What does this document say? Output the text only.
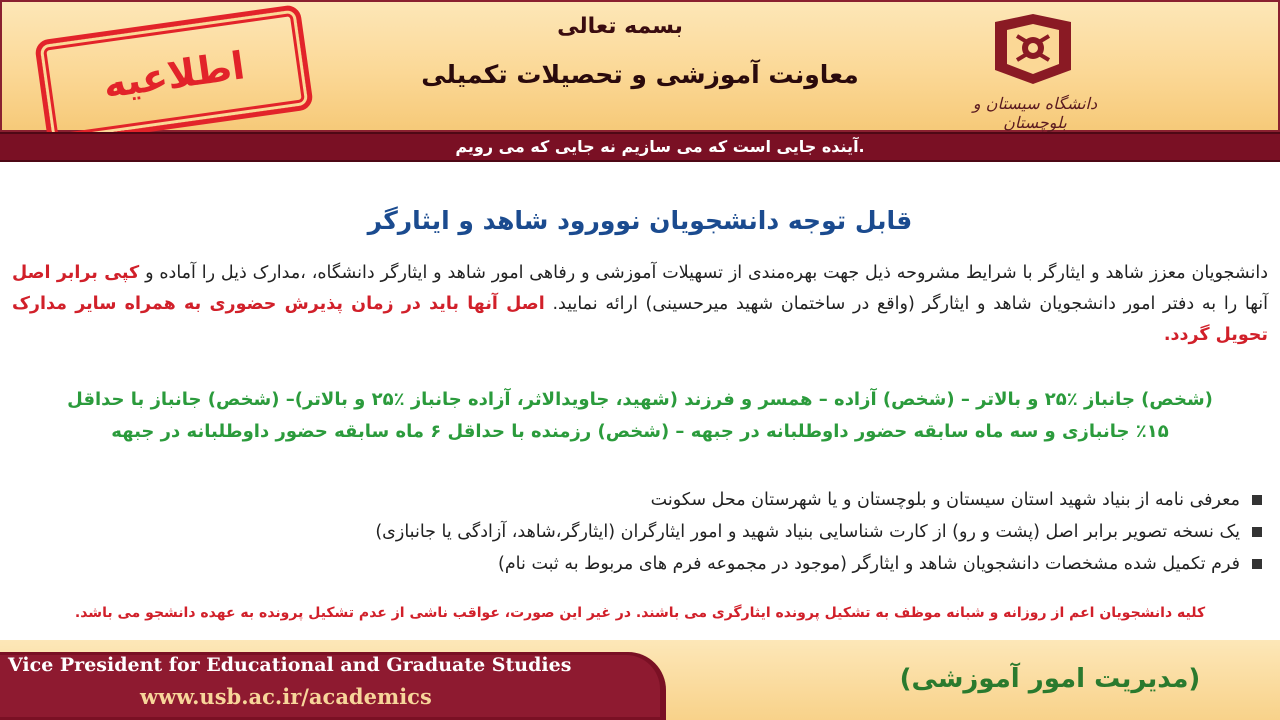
اطلاعیه
بسمه تعالی
معاونت آموزشی و تحصیلات تکمیلی
دانشگاه سیستان و بلوچستان
آینده جایی است که می سازیم نه جایی که می رویم.
قابل توجه دانشجویان نوورود شاهد و ایثارگر
دانشجویان معزز شاهد و ایثارگر با شرایط مشروحه ذیل جهت بهره‌مندی از تسهیلات آموزشی و رفاهی امور شاهد و ایثارگر دانشگاه، ،مدارک ذیل را آماده و کپی برابر اصل آنها را به دفتر امور دانشجویان شاهد و ایثارگر (واقع در ساختمان شهید میرحسینی) ارائه نمایید. اصل آنها باید در زمان پذیرش حضوری به همراه سایر مدارک تحویل گردد.
(شخص) جانباز ٪۲۵ و بالاتر – (شخص) آزاده – همسر و فرزند (شهید، جاویدالاثر، آزاده جانباز ٪۲۵ و بالاتر)– (شخص) جانباز با حداقل
٪۱۵ جانبازی و سه ماه سابقه حضور داوطلبانه در جبهه – (شخص) رزمنده با حداقل ۶ ماه سابقه حضور داوطلبانه در جبهه
معرفی نامه از بنیاد شهید استان سیستان و بلوچستان و یا شهرستان محل سکونت
یک نسخه تصویر برابر اصل (پشت و رو) از کارت شناسایی بنیاد شهید و امور ایثارگران (ایثارگر،شاهد، آزادگی یا جانبازی)
فرم تکمیل شده مشخصات دانشجویان شاهد و ایثارگر (موجود در مجموعه فرم های مربوط به ثبت نام)
کلیه دانشجویان اعم از روزانه و شبانه موظف به تشکیل پرونده ایثارگری می باشند. در غیر این صورت، عواقب ناشی از عدم تشکیل پرونده به عهده دانشجو می باشد.
Vice President for Educational and Graduate Studies
www.usb.ac.ir/academics
(مدیریت امور آموزشی)
